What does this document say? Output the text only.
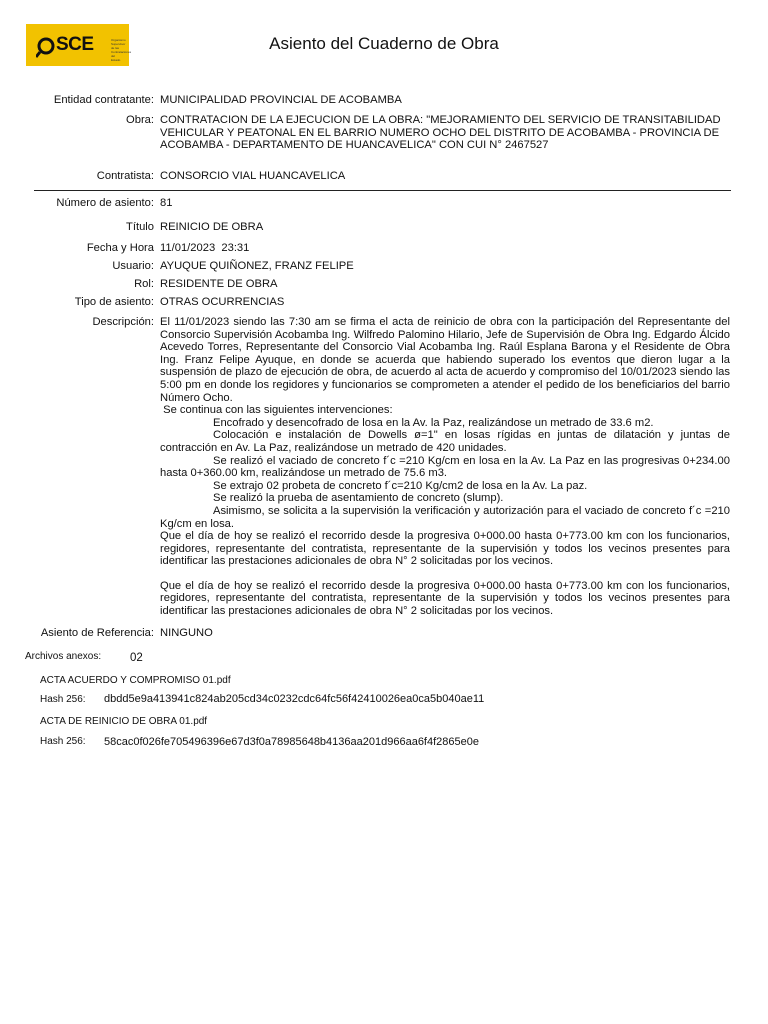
SCE	Organismo Supervisor de las Contrataciones del Estado
Asiento del Cuaderno de Obra
Entidad contratante: MUNICIPALIDAD PROVINCIAL DE ACOBAMBA
Obra: CONTRATACION DE LA EJECUCION DE LA OBRA: "MEJORAMIENTO DEL SERVICIO DE TRANSITABILIDAD VEHICULAR Y PEATONAL EN EL BARRIO NUMERO OCHO DEL DISTRITO DE ACOBAMBA - PROVINCIA DE ACOBAMBA - DEPARTAMENTO DE HUANCAVELICA" CON CUI N° 2467527
Contratista: CONSORCIO VIAL HUANCAVELICA
Número de asiento: 81
Título REINICIO DE OBRA
Fecha y Hora 11/01/2023  23:31
Usuario: AYUQUE QUIÑONEZ, FRANZ FELIPE
Rol: RESIDENTE DE OBRA
Tipo de asiento: OTRAS OCURRENCIAS
Descripción: El 11/01/2023 siendo las 7:30 am se firma el acta de reinicio de obra con la participación del Representante del Consorcio Supervisión Acobamba Ing. Wilfredo Palomino Hilario, Jefe de Supervisión de Obra Ing. Edgardo Álcido Acevedo Torres, Representante del Consorcio Vial Acobamba Ing. Raúl Esplana Barona y el Residente de Obra Ing. Franz Felipe Ayuque, en donde se acuerda que habiendo superado los eventos que dieron lugar a la suspensión de plazo de ejecución de obra, de acuerdo al acta de acuerdo y compromiso del 10/01/2023 siendo las 5:00 pm en donde los regidores y funcionarios se comprometen a atender el pedido de los beneficiarios del barrio Número Ocho.

Se continua con las siguientes intervenciones:

Encofrado y desencofrado de losa en la Av. la Paz, realizándose un metrado de 33.6 m2.

Colocación e instalación de Dowells ø=1" en losas rígidas en juntas de dilatación y juntas de contracción en Av. La Paz, realizándose un metrado de 420 unidades.

Se realizó el vaciado de concreto f´c =210 Kg/cm en losa en la Av. La Paz en las progresivas 0+234.00 hasta 0+360.00 km, realizándose un metrado de 75.6 m3.

Se extrajo 02 probeta de concreto f´c=210 Kg/cm2 de losa en la Av. La paz.

Se realizó la prueba de asentamiento de concreto (slump).

Asimismo, se solicita a la supervisión la verificación y autorización para el vaciado de concreto f´c =210 Kg/cm en losa.

Que el día de hoy se realizó el recorrido desde la progresiva 0+000.00 hasta 0+773.00 km con los funcionarios, regidores, representante del contratista, representante de la supervisión y todos los vecinos presentes para identificar las prestaciones adicionales de obra N° 2 solicitadas por los vecinos.

Que el día de hoy se realizó el recorrido desde la progresiva 0+000.00 hasta 0+773.00 km con los funcionarios, regidores, representante del contratista, representante de la supervisión y todos los vecinos presentes para identificar las prestaciones adicionales de obra N° 2 solicitadas por los vecinos.

Asiento de Referencia: NINGUNO
Archivos anexos:	02
ACTA ACUERDO Y COMPROMISO 01.pdf
Hash 256: dbdd5e9a413941c824ab205cd34c0232cdc64fc56f42410026ea0ca5b040ae11
ACTA DE REINICIO DE OBRA 01.pdf
Hash 256: 58cac0f026fe705496396e67d3f0a78985648b4136aa201d966aa6f4f2865e0e
